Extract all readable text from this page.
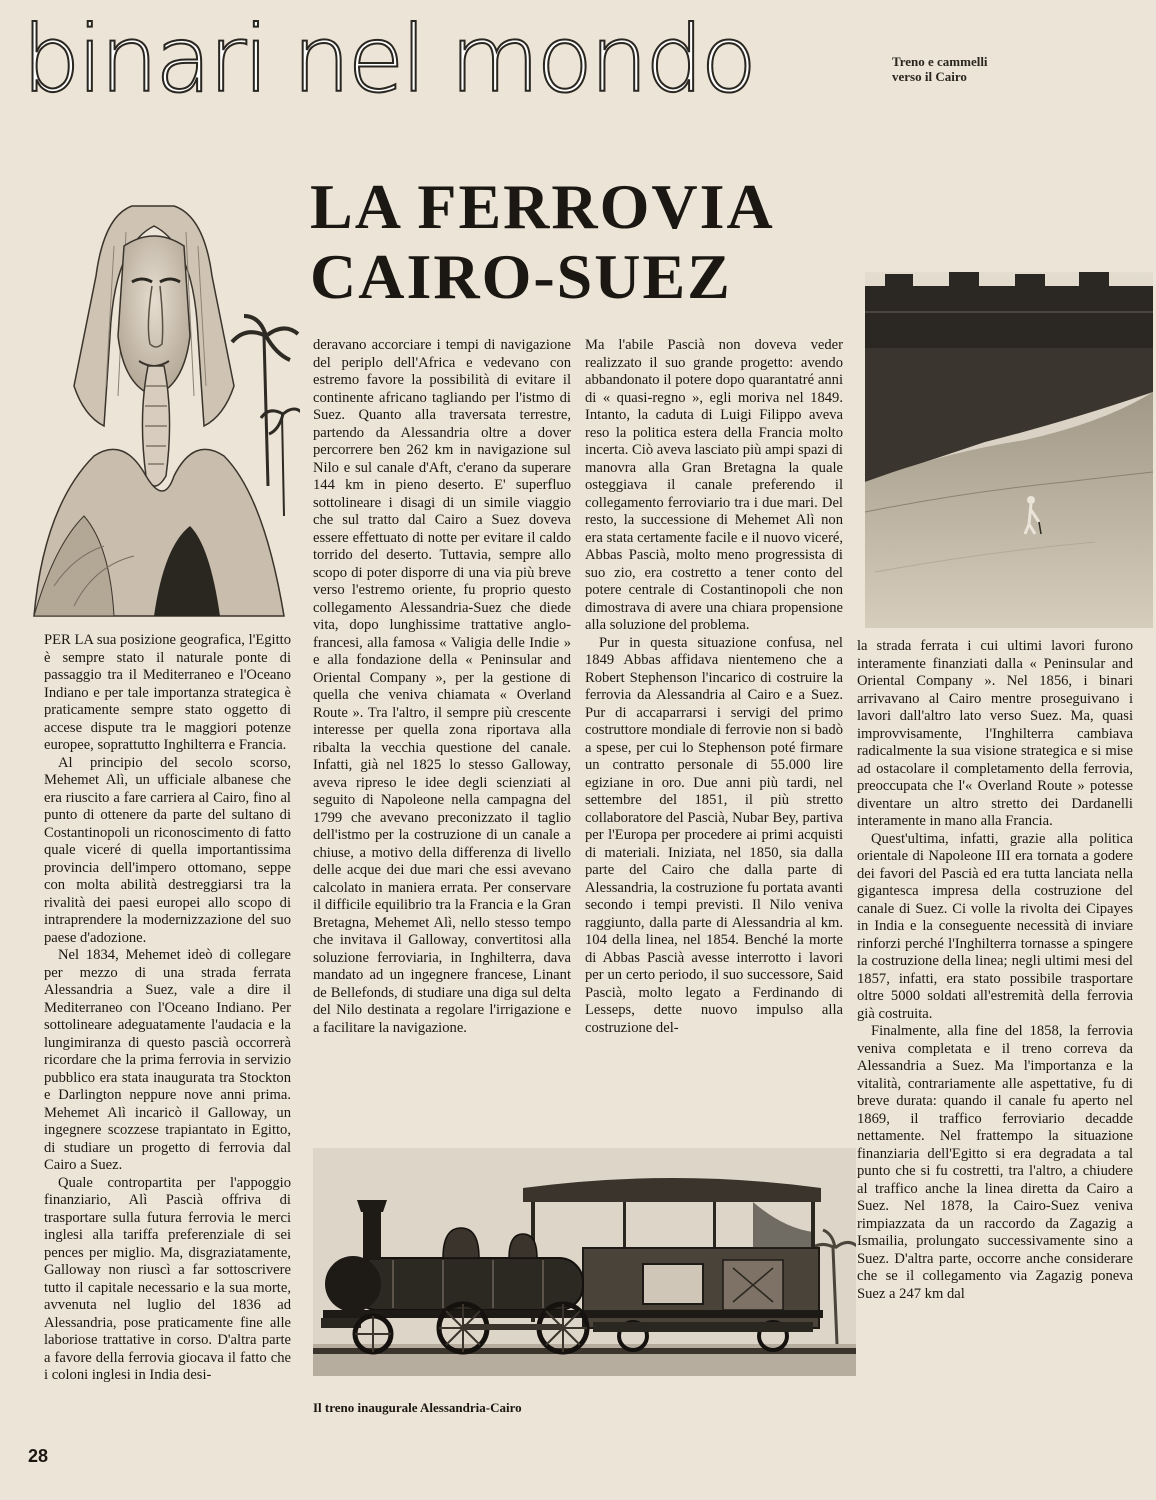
binari nel mondo	Treno e cammelli
verso il Cairo
LA FERROVIA
CAIRO-SUEZ

PER LA sua posizione geografica, l'Egitto è sempre stato il naturale ponte di passaggio tra il Mediterraneo e l'Oceano Indiano e per tale importanza strategica è praticamente sempre stato oggetto di accese dispute tra le maggiori potenze europee, soprattutto Inghilterra e Francia.

Al principio del secolo scorso, Mehemet Alì, un ufficiale albanese che era riuscito a fare carriera al Cairo, fino al punto di ottenere da parte del sultano di Costantinopoli un riconoscimento di fatto quale viceré di quella importantissima provincia dell'impero ottomano, seppe con molta abilità destreggiarsi tra la rivalità dei paesi europei allo scopo di intraprendere la modernizzazione del suo paese d'adozione.

Nel 1834, Mehemet ideò di collegare per mezzo di una strada ferrata Alessandria a Suez, vale a dire il Mediterraneo con l'Oceano Indiano. Per sottolineare adeguatamente l'audacia e la lungimiranza di questo pascià occorrerà ricordare che la prima ferrovia in servizio pubblico era stata inaugurata tra Stockton e Darlington neppure nove anni prima. Mehemet Alì incaricò il Galloway, un ingegnere scozzese trapiantato in Egitto, di studiare un progetto di ferrovia dal Cairo a Suez.

Quale contropartita per l'appoggio finanziario, Alì Pascià offriva di trasportare sulla futura ferrovia le merci inglesi alla tariffa preferenziale di sei pences per miglio. Ma, disgraziatamente, Galloway non riuscì a far sottoscrivere tutto il capitale necessario e la sua morte, avvenuta nel luglio del 1836 ad Alessandria, pose praticamente fine alle laboriose trattative in corso. D'altra parte a favore della ferrovia giocava il fatto che i coloni inglesi in India desi-

deravano accorciare i tempi di navigazione del periplo dell'Africa e vedevano con estremo favore la possibilità di evitare il continente africano tagliando per l'istmo di Suez. Quanto alla traversata terrestre, partendo da Alessandria oltre a dover percorrere ben 262 km in navigazione sul Nilo e sul canale d'Aft, c'erano da superare 144 km in pieno deserto. E' superfluo sottolineare i disagi di un simile viaggio che sul tratto dal Cairo a Suez doveva essere effettuato di notte per evitare il caldo torrido del deserto. Tuttavia, sempre allo scopo di poter disporre di una via più breve verso l'estremo oriente, fu proprio questo collegamento Alessandria-Suez che diede vita, dopo lunghissime trattative anglo-francesi, alla famosa « Valigia delle Indie » e alla fondazione della « Peninsular and Oriental Company », per la gestione di quella che veniva chiamata « Overland Route ». Tra l'altro, il sempre più crescente interesse per quella zona riportava alla ribalta la vecchia questione del canale. Infatti, già nel 1825 lo stesso Galloway, aveva ripreso le idee degli scienziati al seguito di Napoleone nella campagna del 1799 che avevano preconizzato il taglio dell'istmo per la costruzione di un canale a chiuse, a motivo della differenza di livello delle acque dei due mari che essi avevano calcolato in maniera errata. Per conservare il difficile equilibrio tra la Francia e la Gran Bretagna, Mehemet Alì, nello stesso tempo che invitava il Galloway, convertitosi alla soluzione ferroviaria, in Inghilterra, dava mandato ad un ingegnere francese, Linant de Bellefonds, di studiare una diga sul delta del Nilo destinata a regolare l'irrigazione e a facilitare la navigazione.

Ma l'abile Pascià non doveva veder realizzato il suo grande progetto: avendo abbandonato il potere dopo quarantatré anni di « quasi-regno », egli moriva nel 1849. Intanto, la caduta di Luigi Filippo aveva reso la politica estera della Francia molto incerta. Ciò aveva lasciato più ampi spazi di manovra alla Gran Bretagna la quale osteggiava il canale preferendo il collegamento ferroviario tra i due mari. Del resto, la successione di Mehemet Alì non era stata certamente facile e il nuovo viceré, Abbas Pascià, molto meno progressista di suo zio, era costretto a tener conto del potere centrale di Costantinopoli che non dimostrava di avere una chiara propensione alla soluzione del problema.

Pur in questa situazione confusa, nel 1849 Abbas affidava nientemeno che a Robert Stephenson l'incarico di costruire la ferrovia da Alessandria al Cairo e a Suez. Pur di accaparrarsi i servigi del primo costruttore mondiale di ferrovie non si badò a spese, per cui lo Stephenson poté firmare un contratto personale di 55.000 lire egiziane in oro. Due anni più tardi, nel settembre del 1851, il più stretto collaboratore del Pascià, Nubar Bey, partiva per l'Europa per procedere ai primi acquisti di materiali. Iniziata, nel 1850, sia dalla parte del Cairo che dalla parte di Alessandria, la costruzione fu portata avanti secondo i tempi previsti. Il Nilo veniva raggiunto, dalla parte di Alessandria al km. 104 della linea, nel 1854. Benché la morte di Abbas Pascià avesse interrotto i lavori per un certo periodo, il suo successore, Said Pascià, molto legato a Ferdinando di Lesseps, dette nuovo impulso alla costruzione del-

la strada ferrata i cui ultimi lavori furono interamente finanziati dalla « Peninsular and Oriental Company ». Nel 1856, i binari arrivavano al Cairo mentre proseguivano i lavori dall'altro lato verso Suez. Ma, quasi improvvisamente, l'Inghilterra cambiava radicalmente la sua visione strategica e si mise ad ostacolare il completamento della ferrovia, preoccupata che l'« Overland Route » potesse diventare un altro stretto dei Dardanelli interamente in mano alla Francia.

Quest'ultima, infatti, grazie alla politica orientale di Napoleone III era tornata a godere dei favori del Pascià ed era tutta lanciata nella gigantesca impresa della costruzione del canale di Suez. Ci volle la rivolta dei Cipayes in India e la conseguente necessità di inviare rinforzi perché l'Inghilterra tornasse a spingere la costruzione della linea; negli ultimi mesi del 1857, infatti, era stato possibile trasportare oltre 5000 soldati all'estremità della ferrovia già costruita.

Finalmente, alla fine del 1858, la ferrovia veniva completata e il treno correva da Alessandria a Suez. Ma l'importanza e la vitalità, contrariamente alle aspettative, fu di breve durata: quando il canale fu aperto nel 1869, il traffico ferroviario decadde nettamente. Nel frattempo la situazione finanziaria dell'Egitto si era degradata a tal punto che si fu costretti, tra l'altro, a chiudere al traffico anche la linea diretta da Cairo a Suez. Nel 1878, la Cairo-Suez veniva rimpiazzata da un raccordo da Zagazig a Ismailia, prolungato successivamente sino a Suez. D'altra parte, occorre anche considerare che se il collegamento via Zagazig poneva Suez a 247 km dal

Il treno inaugurale Alessandria-Cairo
28
